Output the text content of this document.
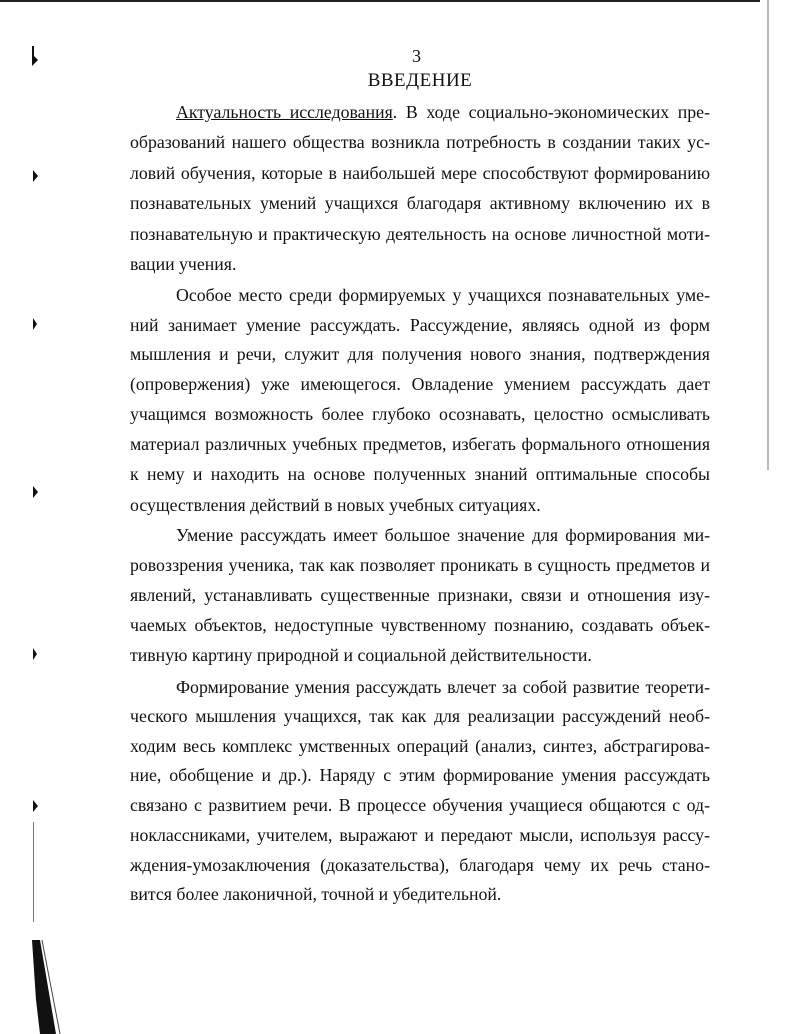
3

ВВЕДЕНИЕ

Актуальность исследования. В ходе социально-экономических пре-

образований нашего общества возникла потребность в создании таких ус-

ловий обучения, которые в наибольшей мере способствуют формированию

познавательных умений учащихся благодаря активному включению их в

познавательную и практическую деятельность на основе личностной моти-

вации учения.

Особое место среди формируемых у учащихся познавательных уме-

ний занимает умение рассуждать. Рассуждение, являясь одной из форм

мышления и речи, служит для получения нового знания, подтверждения

(опровержения) уже имеющегося. Овладение умением рассуждать дает

учащимся возможность более глубоко осознавать, целостно осмысливать

материал различных учебных предметов, избегать формального отношения

к нему и находить на основе полученных знаний оптимальные способы

осуществления действий в новых учебных ситуациях.

Умение рассуждать имеет большое значение для формирования ми-

ровоззрения ученика, так как позволяет проникать в сущность предметов и

явлений, устанавливать существенные признаки, связи и отношения изу-

чаемых объектов, недоступные чувственному познанию, создавать объек-

тивную картину природной и социальной действительности.

Формирование умения рассуждать влечет за собой развитие теорети-

ческого мышления учащихся, так как для реализации рассуждений необ-

ходим весь комплекс умственных операций (анализ, синтез, абстрагирова-

ние, обобщение и др.). Наряду с этим формирование умения рассуждать

связано с развитием речи. В процессе обучения учащиеся общаются с од-

ноклассниками, учителем, выражают и передают мысли, используя рассу-

ждения-умозаключения (доказательства), благодаря чему их речь стано-

вится более лаконичной, точной и убедительной.
